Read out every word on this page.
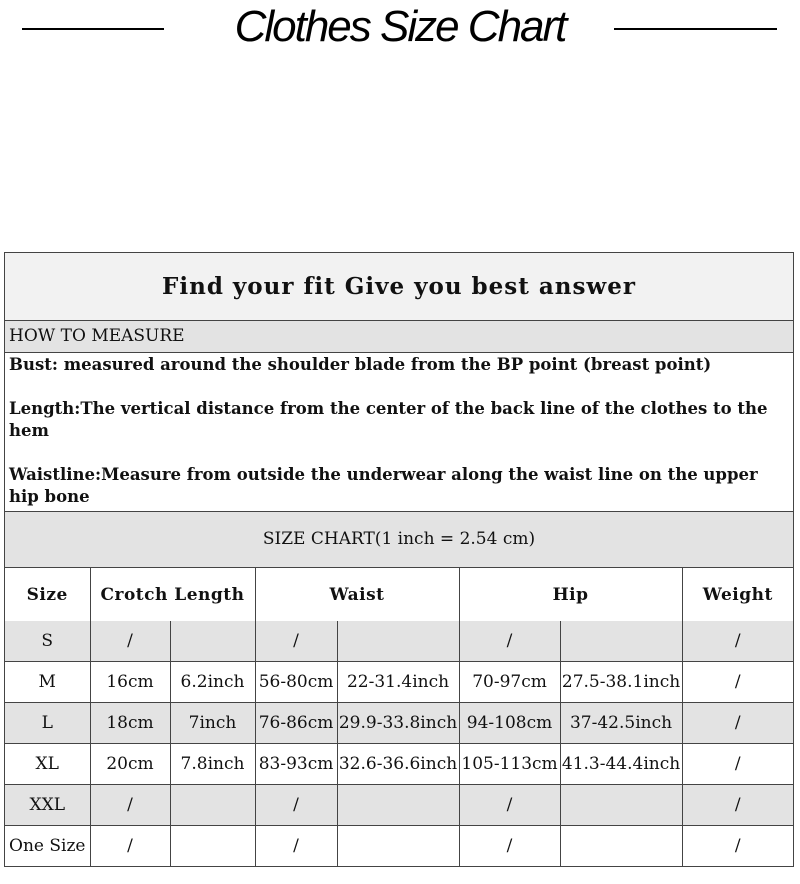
Clothes Size Chart
Find your fit Give you best answer
HOW TO MEASURE

Bust: measured around the shoulder blade from the BP point (breast point)

Length:The vertical distance from the center of the back line of the clothes to the hem

Waistline:Measure from outside the underwear along the waist line on the upper hip bone

SIZE CHART(1 inch = 2.54 cm)
Size	Crotch Length		Waist		Hip		Weight
S	/		/		/		/
M	16cm	6.2inch	56-80cm	22-31.4inch	70-97cm	27.5-38.1inch	/
L	18cm	7inch	76-86cm	29.9-33.8inch	94-108cm	37-42.5inch	/
XL	20cm	7.8inch	83-93cm	32.6-36.6inch	105-113cm	41.3-44.4inch	/
XXL	/		/		/		/
One Size	/		/		/		/
